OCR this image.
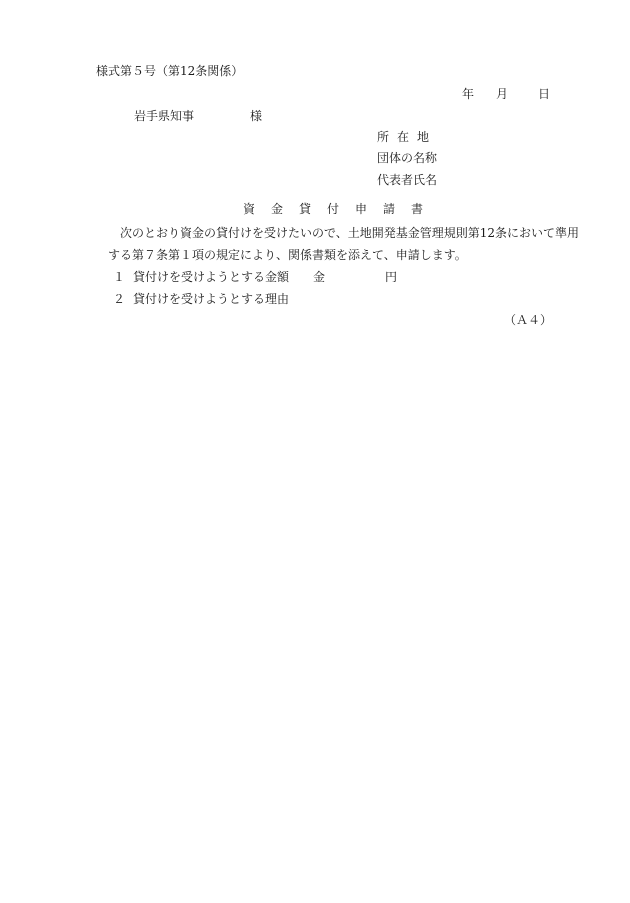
様式第５号（第12条関係）
年 月 日
岩手県知事	様
所在地
団体の名称
代表者氏名
資金貸付申請書
次のとおり資金の貸付けを受けたいので、土地開発基金管理規則第12条において準用
する第７条第１項の規定により、関係書類を添えて、申請します。
１ 貸付けを受けようとする金額 金	円
２ 貸付けを受けようとする理由
（Ａ４）
